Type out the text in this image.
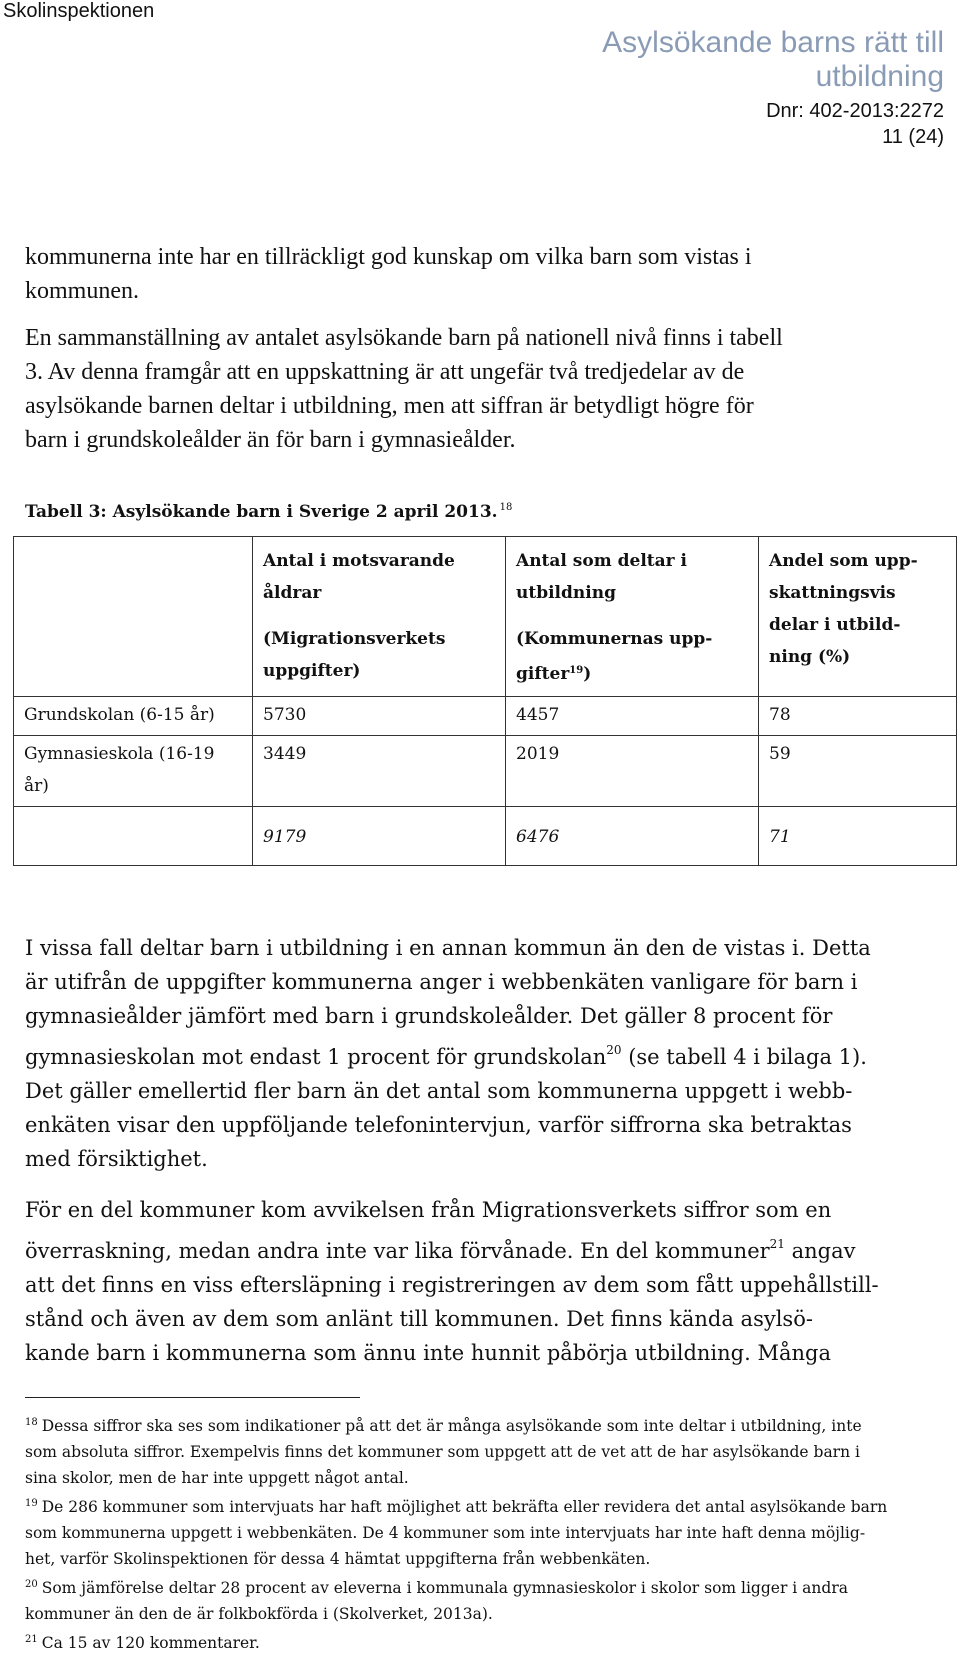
Skolinspektionen
Asylsökande barns rätt till
utbildning
Dnr: 402-2013:2272
11 (24)

kommunerna inte har en tillräckligt god kunskap om vilka barn som vistas i

kommunen.

En sammanställning av antalet asylsökande barn på nationell nivå finns i tabell

3. Av denna framgår att en uppskattning är att ungefär två tredjedelar av de

asylsökande barnen deltar i utbildning, men att siffran är betydligt högre för

barn i grundskoleålder än för barn i gymnasieålder.

Tabell 3: Asylsökande barn i Sverige 2 april 2013. $^{18}$

	Antal i motsvarande
åldrar
(Migrationsverkets
uppgifter)	Antal som deltar i
utbildning
(Kommunernas upp-
gifter$^{19}$)	Andel som upp-
skattningsvis
delar i utbild-
ning (%)

Grundskolan (6-15 år)	5730	4457	78

Gymnasieskola (16-19
år)	3449	2019	59
	9179	6476	71

I vissa fall deltar barn i utbildning i en annan kommun än den de vistas i. Detta

är utifrån de uppgifter kommunerna anger i webbenkäten vanligare för barn i

gymnasieålder jämfört med barn i grundskoleålder. Det gäller 8 procent för

gymnasieskolan mot endast 1 procent för grundskolan$^{20}$ (se tabell 4 i bilaga 1).

Det gäller emellertid fler barn än det antal som kommunerna uppgett i webb-

enkäten visar den uppföljande telefonintervjun, varför siffrorna ska betraktas

med försiktighet.

För en del kommuner kom avvikelsen från Migrationsverkets siffror som en

överraskning, medan andra inte var lika förvånade. En del kommuner$^{21}$ angav

att det finns en viss eftersläpning i registreringen av dem som fått uppehållstill-

stånd och även av dem som anlänt till kommunen. Det finns kända asylsö-

kande barn i kommunerna som ännu inte hunnit påbörja utbildning. Många

$^{18}$ Dessa siffror ska ses som indikationer på att det är många asylsökande som inte deltar i utbildning, inte

som absoluta siffror. Exempelvis finns det kommuner som uppgett att de vet att de har asylsökande barn i

sina skolor, men de har inte uppgett något antal.

$^{19}$ De 286 kommuner som intervjuats har haft möjlighet att bekräfta eller revidera det antal asylsökande barn

som kommunerna uppgett i webbenkäten. De 4 kommuner som inte intervjuats har inte haft denna möjlig-

het, varför Skolinspektionen för dessa 4 hämtat uppgifterna från webbenkäten.

$^{20}$ Som jämförelse deltar 28 procent av eleverna i kommunala gymnasieskolor i skolor som ligger i andra

kommuner än den de är folkbokförda i (Skolverket, 2013a).

$^{21}$ Ca 15 av 120 kommentarer.
